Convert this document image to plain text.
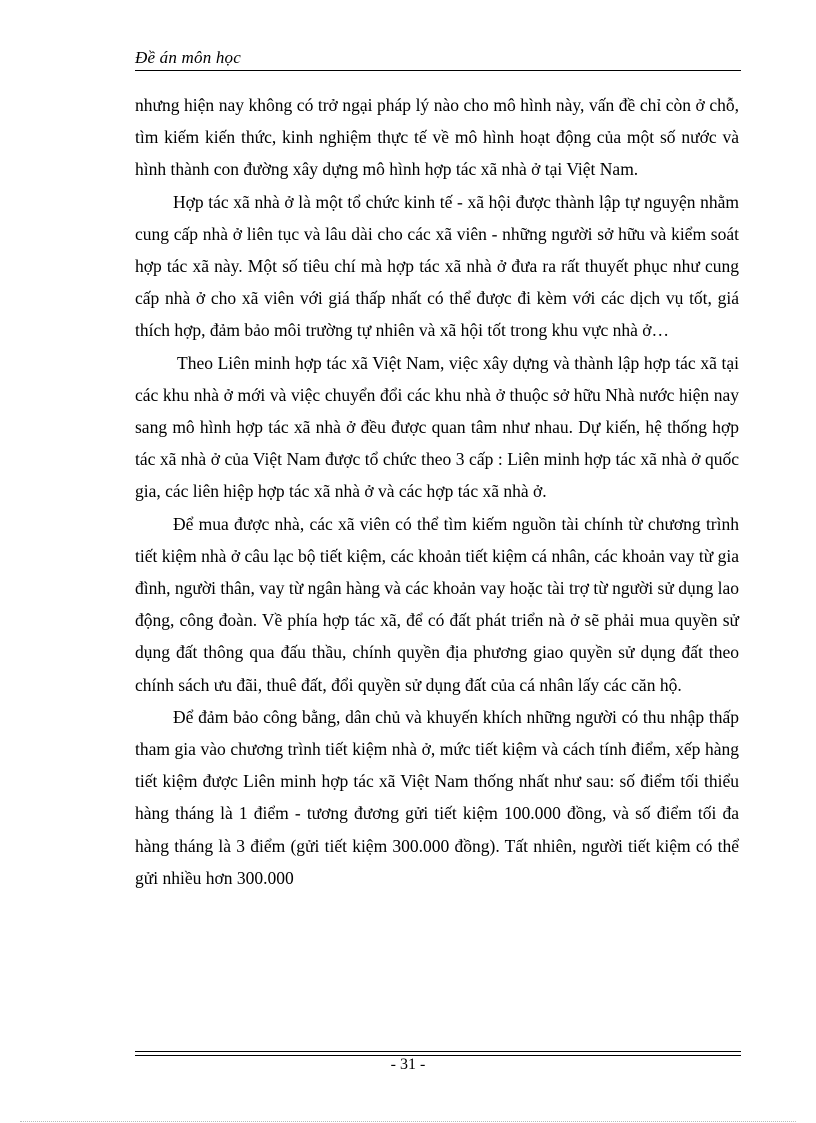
Đề án môn học

nhưng hiện nay không có trở ngại pháp lý nào cho mô hình này, vấn đề chỉ còn ở chỗ, tìm kiếm kiến thức, kinh nghiệm thực tế về mô hình hoạt động của một số nước và hình thành con đường xây dựng mô hình hợp tác xã nhà ở tại Việt Nam.

Hợp tác xã nhà ở là một tổ chức kinh tế - xã hội được thành lập tự nguyện nhằm cung cấp nhà ở liên tục và lâu dài cho các xã viên - những người sở hữu và kiểm soát hợp tác xã này. Một số tiêu chí mà hợp tác xã nhà ở đưa ra rất thuyết phục như cung cấp nhà ở cho xã viên với giá thấp nhất có thể được đi kèm với các dịch vụ tốt, giá thích hợp, đảm bảo môi trường tự nhiên và xã hội tốt trong khu vực nhà ở…

Theo Liên minh hợp tác xã Việt Nam, việc xây dựng và thành lập hợp tác xã tại các khu nhà ở mới và việc chuyển đổi các khu nhà ở thuộc sở hữu Nhà nước hiện nay sang mô hình hợp tác xã nhà ở đều được quan tâm như nhau. Dự kiến, hệ thống hợp tác xã nhà ở của Việt Nam được tổ chức theo 3 cấp : Liên minh hợp tác xã nhà ở quốc gia, các liên hiệp hợp tác xã nhà ở và các hợp tác xã nhà ở.

Để mua được nhà, các xã viên có thể tìm kiếm nguồn tài chính từ chương trình tiết kiệm nhà ở câu lạc bộ tiết kiệm, các khoản tiết kiệm cá nhân, các khoản vay từ gia đình, người thân, vay từ ngân hàng và các khoản vay hoặc tài trợ từ người sử dụng lao động, công đoàn. Về phía hợp tác xã, để có đất phát triển nà ở sẽ phải mua quyền sử dụng đất thông qua đấu thầu, chính quyền địa phương giao quyền sử dụng đất theo chính sách ưu đãi, thuê đất, đổi quyền sử dụng đất của cá nhân lấy các căn hộ.

Để đảm bảo công bằng, dân chủ và khuyến khích những người có thu nhập thấp tham gia vào chương trình tiết kiệm nhà ở, mức tiết kiệm và cách tính điểm, xếp hàng tiết kiệm được Liên minh hợp tác xã Việt Nam thống nhất như sau: số điểm tối thiểu hàng tháng là 1 điểm - tương đương gửi tiết kiệm 100.000 đồng, và số điểm tối đa hàng tháng là 3 điểm (gửi tiết kiệm 300.000 đồng). Tất nhiên, người tiết kiệm có thể gửi nhiều hơn 300.000

- 31 -
